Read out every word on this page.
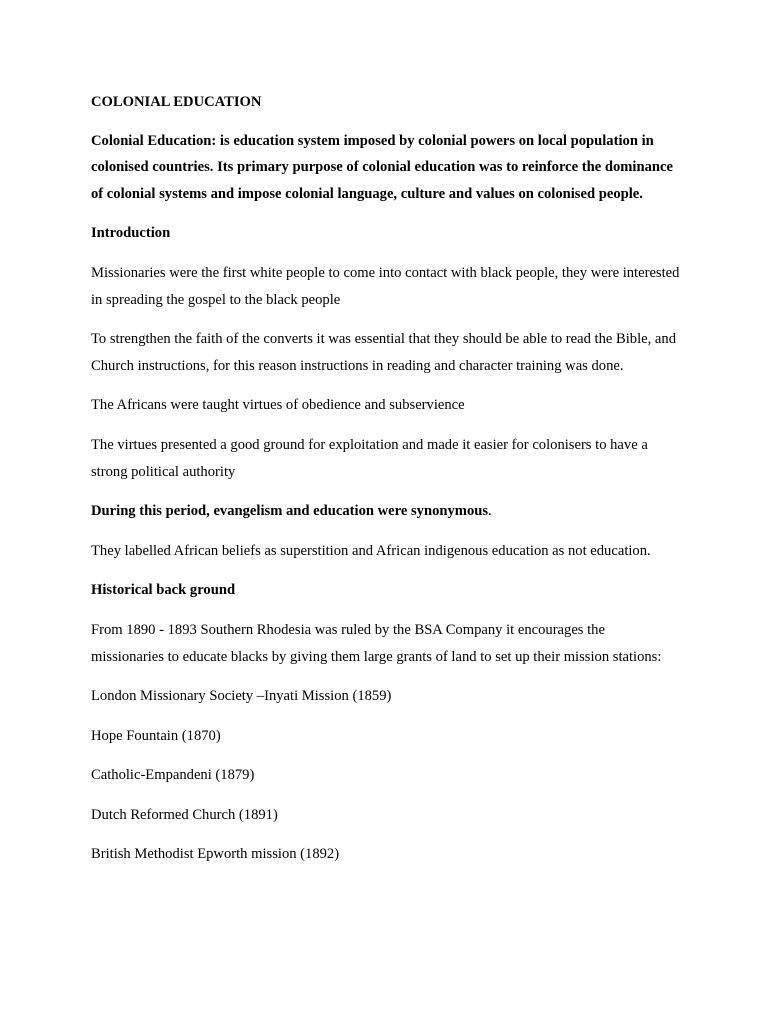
COLONIAL EDUCATION

Colonial Education: is education system imposed by colonial powers on local population in colonised countries. Its primary purpose of colonial education was to reinforce the dominance of colonial systems and impose colonial language, culture and values on colonised people.

Introduction

Missionaries were the first white people to come into contact with black people, they were interested in spreading the gospel to the black people

To strengthen the faith of the converts it was essential that they should be able to read the Bible, and Church instructions, for this reason instructions in reading and character training was done.

The Africans were taught virtues of obedience and subservience

The virtues presented a good ground for exploitation and made it easier for colonisers to have a strong political authority

During this period, evangelism and education were synonymous.

They labelled African beliefs as superstition and African indigenous education as not education.

Historical back ground

From 1890 - 1893 Southern Rhodesia was ruled by the BSA Company it encourages the missionaries to educate blacks by giving them large grants of land to set up their mission stations:

London Missionary Society –Inyati Mission (1859)

Hope Fountain (1870)

Catholic-Empandeni (1879)

Dutch Reformed Church (1891)

British Methodist Epworth mission (1892)
